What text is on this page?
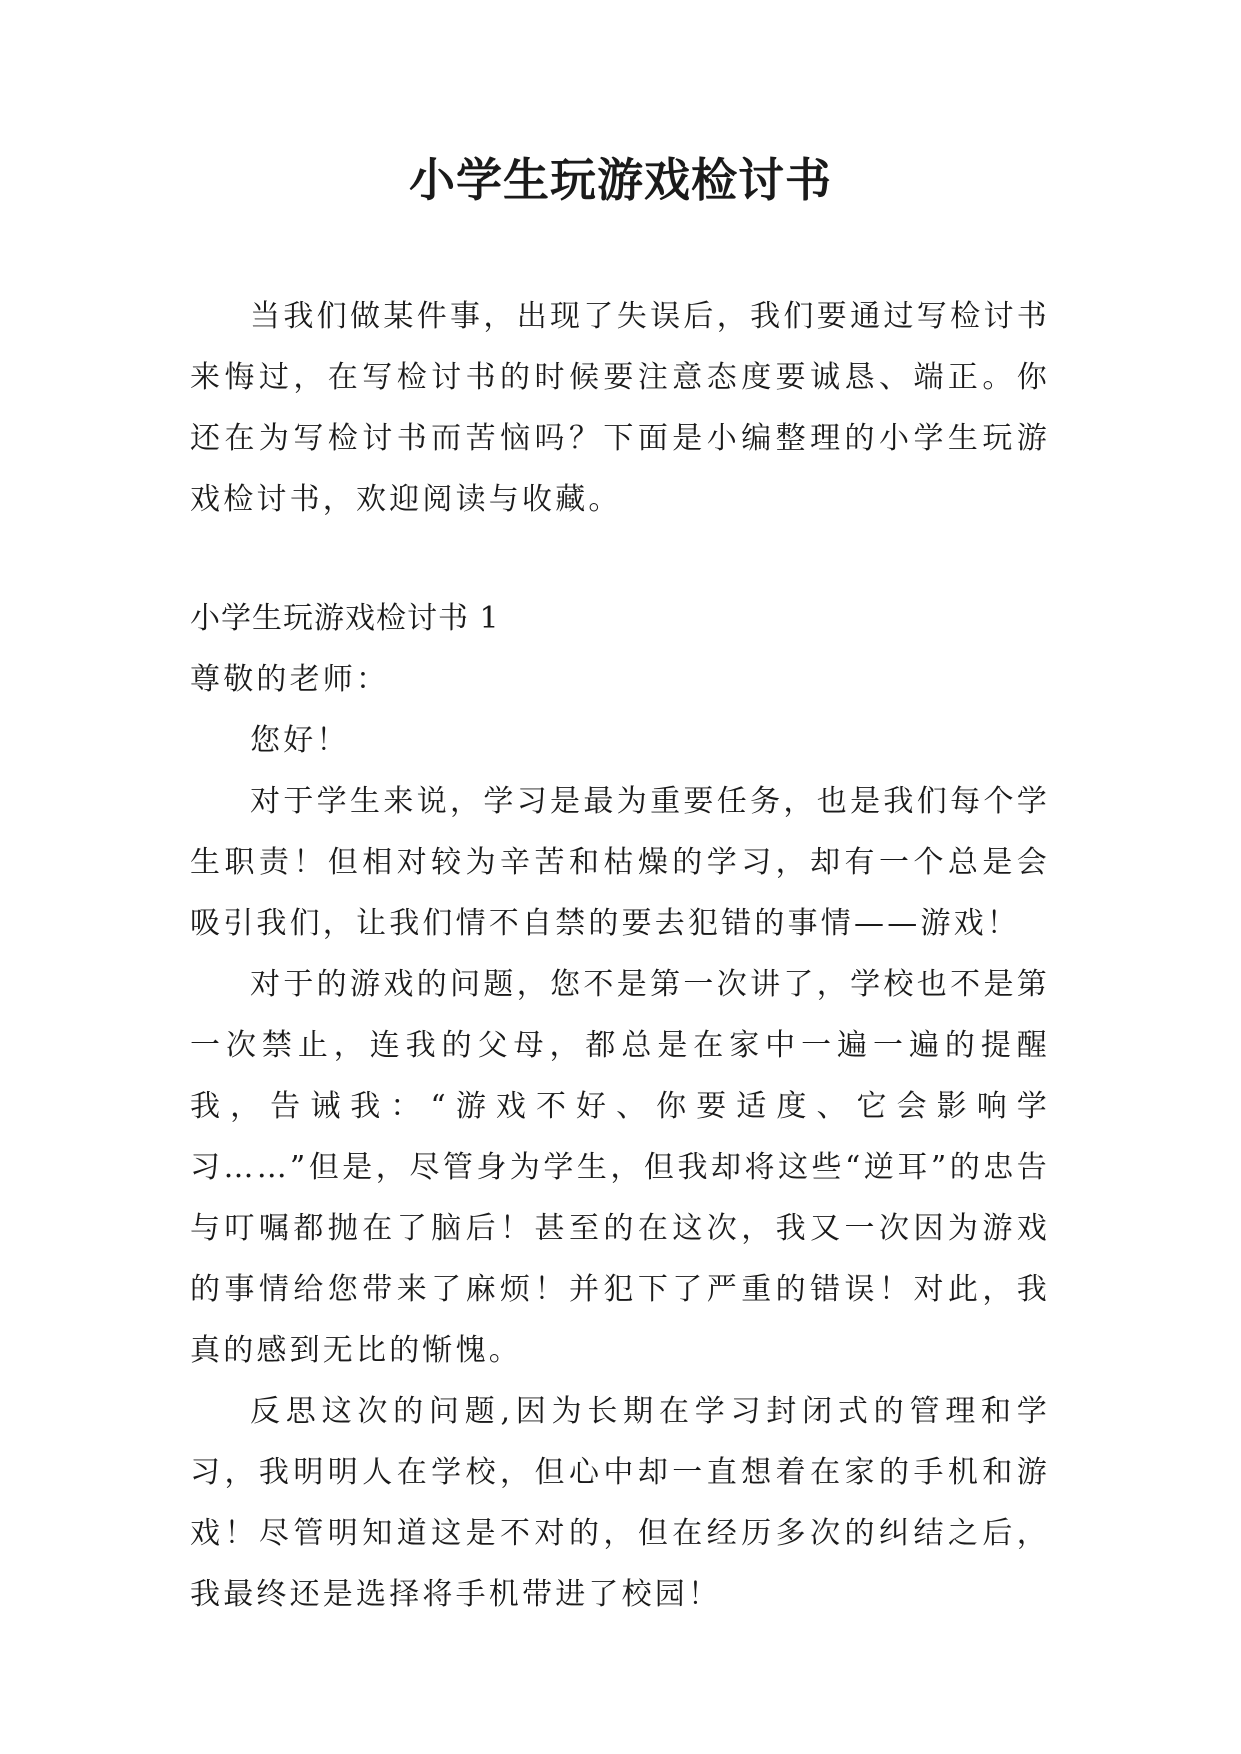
小学生玩游戏检讨书

当我们做某件事，出现了失误后，我们要通过写检讨书来悔过，在写检讨书的时候要注意态度要诚恳、端正。你还在为写检讨书而苦恼吗？下面是小编整理的小学生玩游戏检讨书，欢迎阅读与收藏。

小学生玩游戏检讨书 1

尊敬的老师：

您好！

对于学生来说，学习是最为重要任务，也是我们每个学生职责！但相对较为辛苦和枯燥的学习，却有一个总是会吸引我们，让我们情不自禁的要去犯错的事情——游戏！

对于的游戏的问题，您不是第一次讲了，学校也不是第一次禁止，连我的父母，都总是在家中一遍一遍的提醒我，告诫我：“游戏不好、你要适度、它会影响学习……”但是，尽管身为学生，但我却将这些“逆耳”的忠告与叮嘱都抛在了脑后！甚至的在这次，我又一次因为游戏的事情给您带来了麻烦！并犯下了严重的错误！对此，我真的感到无比的惭愧。

反思这次的问题,因为长期在学习封闭式的管理和学习，我明明人在学校，但心中却一直想着在家的手机和游戏！尽管明知道这是不对的，但在经历多次的纠结之后，我最终还是选择将手机带进了校园！
